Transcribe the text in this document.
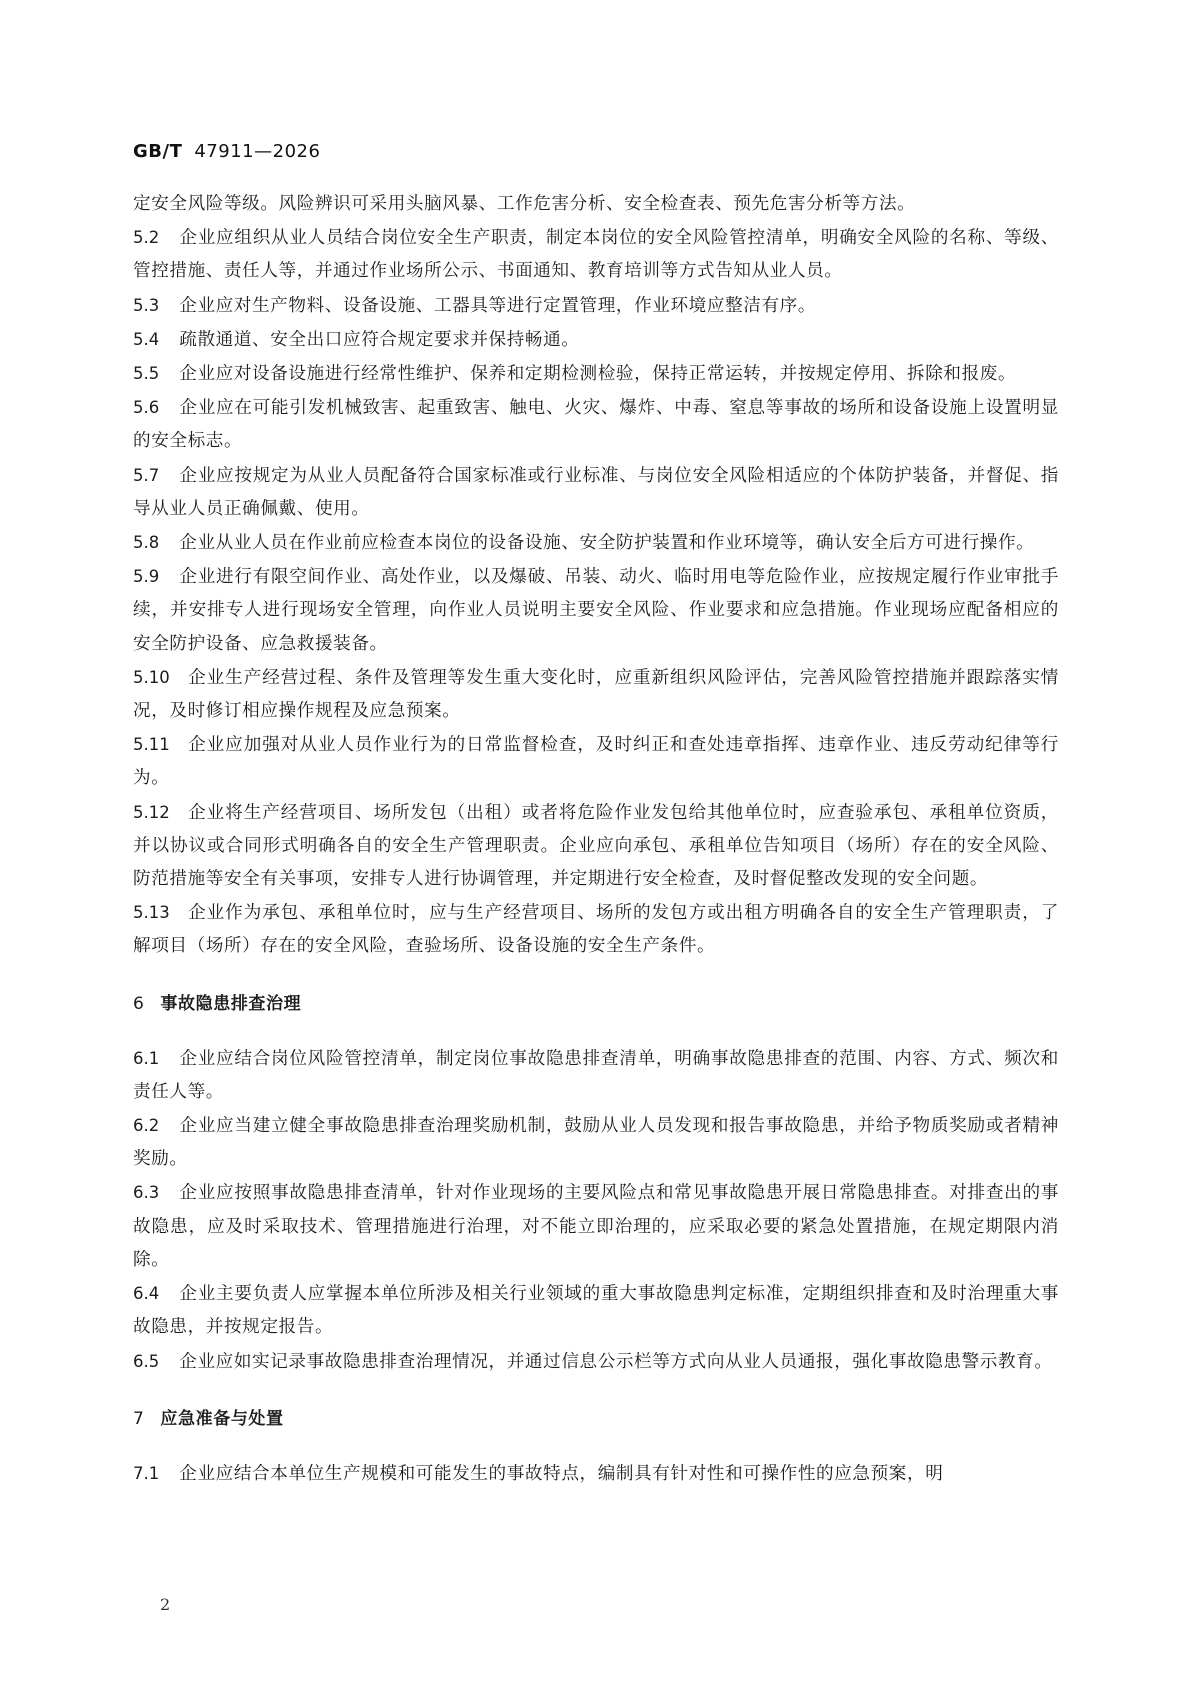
GB/T 47911—2026

定安全风险等级。风险辨识可采用头脑风暴、工作危害分析、安全检查表、预先危害分析等方法。

5.2 企业应组织从业人员结合岗位安全生产职责，制定本岗位的安全风险管控清单，明确安全风险的名称、等级、管控措施、责任人等，并通过作业场所公示、书面通知、教育培训等方式告知从业人员。

5.3 企业应对生产物料、设备设施、工器具等进行定置管理，作业环境应整洁有序。

5.4 疏散通道、安全出口应符合规定要求并保持畅通。

5.5 企业应对设备设施进行经常性维护、保养和定期检测检验，保持正常运转，并按规定停用、拆除和报废。

5.6 企业应在可能引发机械致害、起重致害、触电、火灾、爆炸、中毒、窒息等事故的场所和设备设施上设置明显的安全标志。

5.7 企业应按规定为从业人员配备符合国家标准或行业标准、与岗位安全风险相适应的个体防护装备，并督促、指导从业人员正确佩戴、使用。

5.8 企业从业人员在作业前应检查本岗位的设备设施、安全防护装置和作业环境等，确认安全后方可进行操作。

5.9 企业进行有限空间作业、高处作业，以及爆破、吊装、动火、临时用电等危险作业，应按规定履行作业审批手续，并安排专人进行现场安全管理，向作业人员说明主要安全风险、作业要求和应急措施。作业现场应配备相应的安全防护设备、应急救援装备。

5.10 企业生产经营过程、条件及管理等发生重大变化时，应重新组织风险评估，完善风险管控措施并跟踪落实情况，及时修订相应操作规程及应急预案。

5.11 企业应加强对从业人员作业行为的日常监督检查，及时纠正和查处违章指挥、违章作业、违反劳动纪律等行为。

5.12 企业将生产经营项目、场所发包（出租）或者将危险作业发包给其他单位时，应查验承包、承租单位资质，并以协议或合同形式明确各自的安全生产管理职责。企业应向承包、承租单位告知项目（场所）存在的安全风险、防范措施等安全有关事项，安排专人进行协调管理，并定期进行安全检查，及时督促整改发现的安全问题。

5.13 企业作为承包、承租单位时，应与生产经营项目、场所的发包方或出租方明确各自的安全生产管理职责，了解项目（场所）存在的安全风险，查验场所、设备设施的安全生产条件。

6 事故隐患排查治理

6.1 企业应结合岗位风险管控清单，制定岗位事故隐患排查清单，明确事故隐患排查的范围、内容、方式、频次和责任人等。

6.2 企业应当建立健全事故隐患排查治理奖励机制，鼓励从业人员发现和报告事故隐患，并给予物质奖励或者精神奖励。

6.3 企业应按照事故隐患排查清单，针对作业现场的主要风险点和常见事故隐患开展日常隐患排查。对排查出的事故隐患，应及时采取技术、管理措施进行治理，对不能立即治理的，应采取必要的紧急处置措施，在规定期限内消除。

6.4 企业主要负责人应掌握本单位所涉及相关行业领域的重大事故隐患判定标准，定期组织排查和及时治理重大事故隐患，并按规定报告。

6.5 企业应如实记录事故隐患排查治理情况，并通过信息公示栏等方式向从业人员通报，强化事故隐患警示教育。

7 应急准备与处置

7.1 企业应结合本单位生产规模和可能发生的事故特点，编制具有针对性和可操作性的应急预案，明

2
